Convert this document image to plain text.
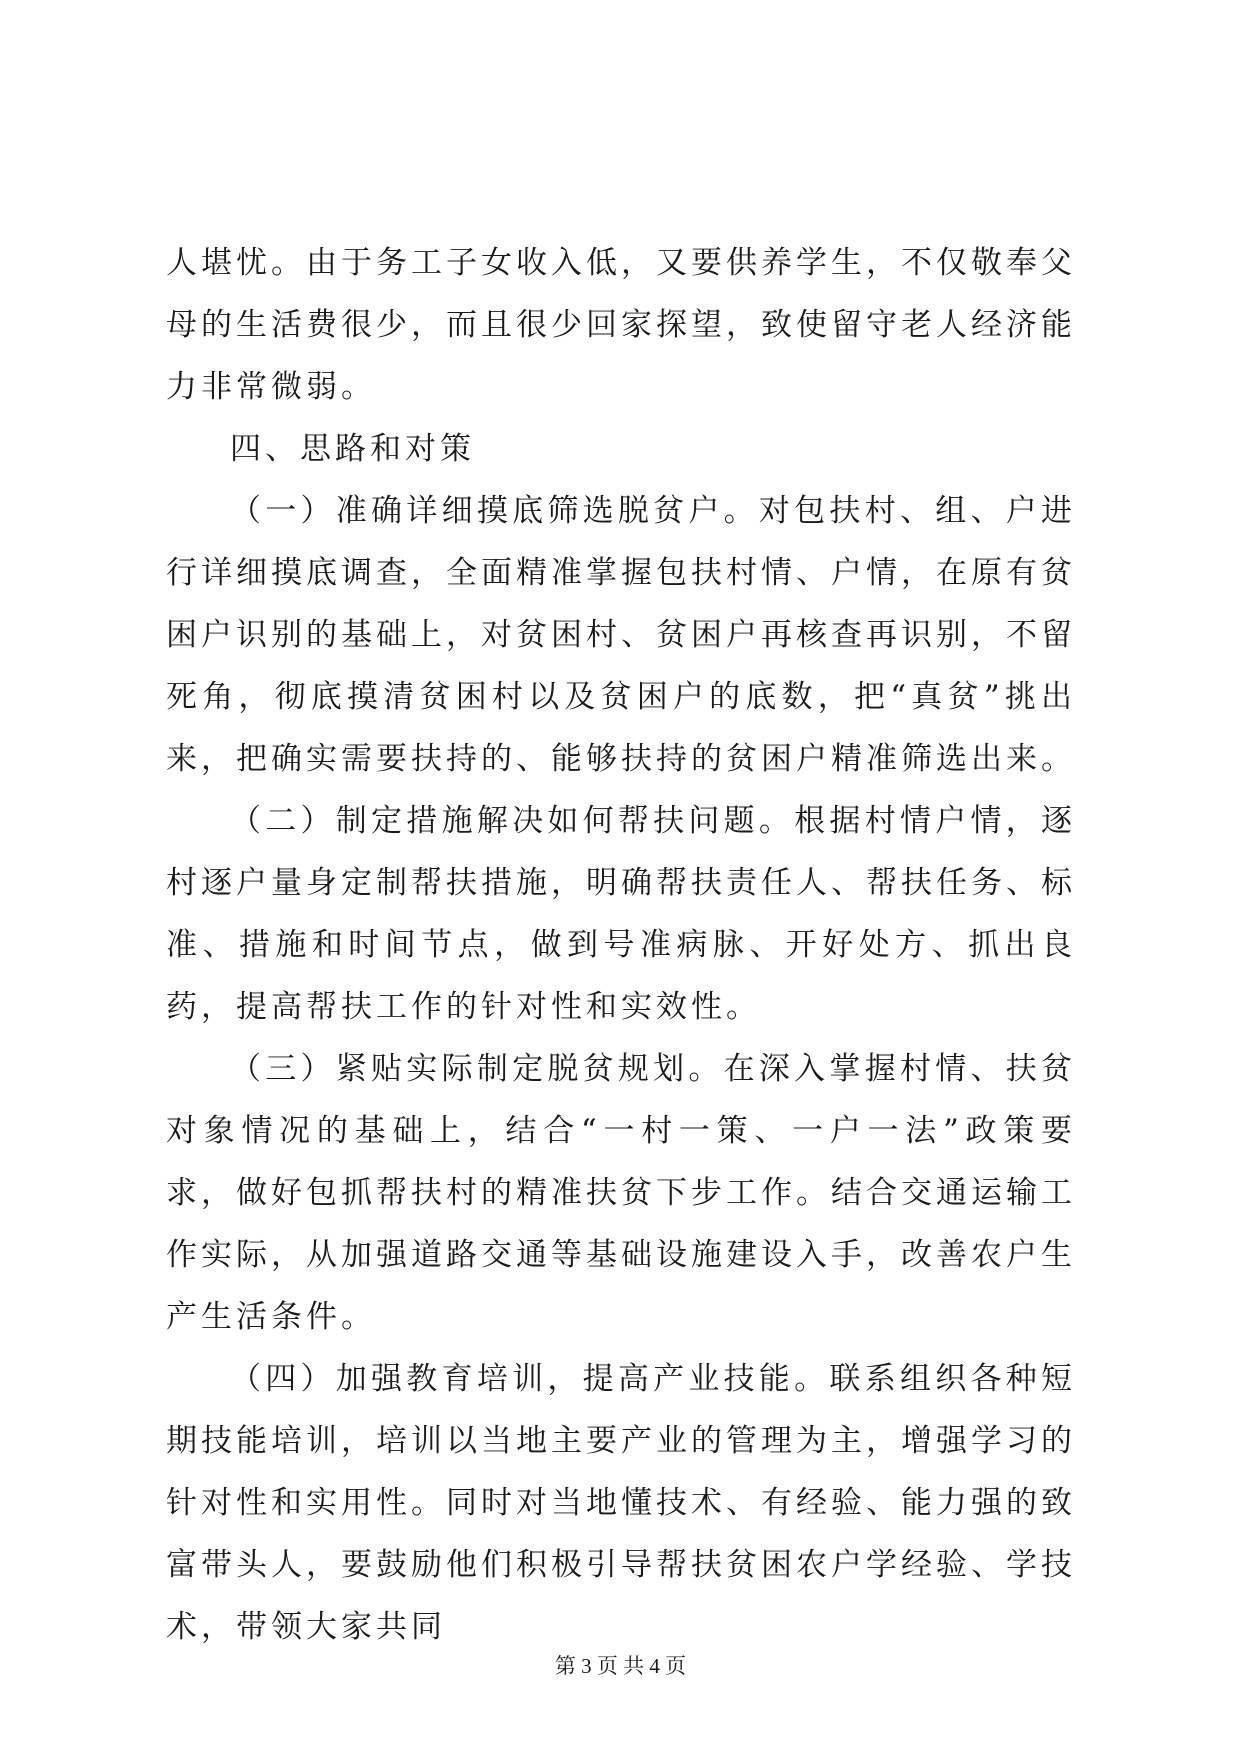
人堪忧。由于务工子女收入低，又要供养学生，不仅敬奉父母的生活费很少，而且很少回家探望，致使留守老人经济能力非常微弱。

四、思路和对策

（一）准确详细摸底筛选脱贫户。对包扶村、组、户进行详细摸底调查，全面精准掌握包扶村情、户情，在原有贫困户识别的基础上，对贫困村、贫困户再核查再识别，不留死角，彻底摸清贫困村以及贫困户的底数，把“真贫”挑出来，把确实需要扶持的、能够扶持的贫困户精准筛选出来。

（二）制定措施解决如何帮扶问题。根据村情户情，逐村逐户量身定制帮扶措施，明确帮扶责任人、帮扶任务、标准、措施和时间节点，做到号准病脉、开好处方、抓出良药，提高帮扶工作的针对性和实效性。

（三）紧贴实际制定脱贫规划。在深入掌握村情、扶贫对象情况的基础上，结合“一村一策、一户一法”政策要求，做好包抓帮扶村的精准扶贫下步工作。结合交通运输工作实际，从加强道路交通等基础设施建设入手，改善农户生产生活条件。

（四）加强教育培训，提高产业技能。联系组织各种短期技能培训，培训以当地主要产业的管理为主，增强学习的针对性和实用性。同时对当地懂技术、有经验、能力强的致富带头人，要鼓励他们积极引导帮扶贫困农户学经验、学技术，带领大家共同

第 3 页 共 4 页
